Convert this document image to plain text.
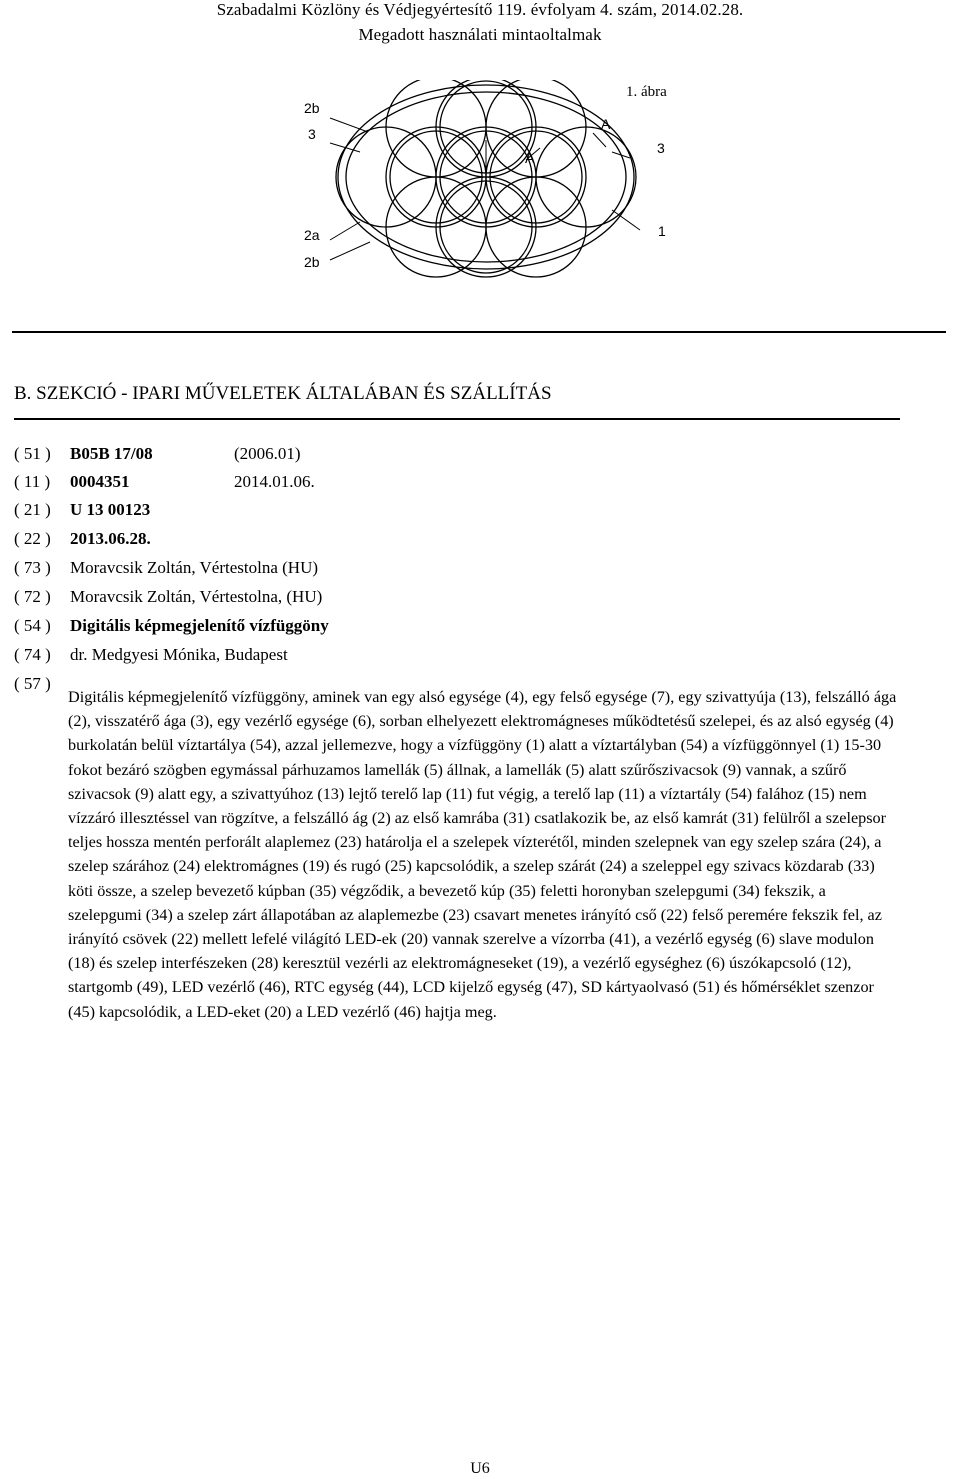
Szabadalmi Közlöny és Védjegyértesítő 119. évfolyam 4. szám, 2014.02.28.
Megadott használati mintaoltalmak
1. ábra
2b
3
A
A
3
2a	1
2b
B. SZEKCIÓ - IPARI MŰVELETEK ÁLTALÁBAN ÉS SZÁLLÍTÁS
( 51 ) B05B 17/08	(2006.01)
( 11 ) 0004351	2014.01.06.
( 21 ) U 13 00123
( 22 ) 2013.06.28.
( 73 ) Moravcsik Zoltán, Vértestolna (HU)
( 72 ) Moravcsik Zoltán, Vértestolna, (HU)
( 54 ) Digitális képmegjelenítő vízfüggöny
( 74 ) dr. Medgyesi Mónika, Budapest
( 57 )
Digitális képmegjelenítő vízfüggöny, aminek van egy alsó egysége (4), egy felső egysége (7), egy szivattyúja (13), felszálló ága (2), visszatérő ága (3), egy vezérlő egysége (6), sorban elhelyezett elektromágneses működtetésű szelepei, és az alsó egység (4) burkolatán belül víztartálya (54), azzal jellemezve, hogy a vízfüggöny (1) alatt a víztartályban (54) a vízfüggönnyel (1) 15-30 fokot bezáró szögben egymással párhuzamos lamellák (5) állnak, a lamellák (5) alatt szűrőszivacsok (9) vannak, a szűrő szivacsok (9) alatt egy, a szivattyúhoz (13) lejtő terelő lap (11) fut végig, a terelő lap (11) a víztartály (54) falához (15) nem vízzáró illesztéssel van rögzítve, a felszálló ág (2) az első kamrába (31) csatlakozik be, az első kamrát (31) felülről a szelepsor teljes hossza mentén perforált alaplemez (23) határolja el a szelepek vízterétől, minden szelepnek van egy szelep szára (24), a szelep szárához (24) elektromágnes (19) és rugó (25) kapcsolódik, a szelep szárát (24) a szeleppel egy szivacs közdarab (33) köti össze, a szelep bevezető kúpban (35) végződik, a bevezető kúp (35) feletti horonyban szelepgumi (34) fekszik, a szelepgumi (34) a szelep zárt állapotában az alaplemezbe (23) csavart menetes irányító cső (22) felső peremére fekszik fel, az irányító csövek (22) mellett lefelé világító LED-ek (20) vannak szerelve a vízorrba (41), a vezérlő egység (6) slave modulon (18) és szelep interfészeken (28) keresztül vezérli az elektromágneseket (19), a vezérlő egységhez (6) úszókapcsoló (12), startgomb (49), LED vezérlő (46), RTC egység (44), LCD kijelző egység (47), SD kártyaolvasó (51) és hőmérséklet szenzor (45) kapcsolódik, a LED-eket (20) a LED vezérlő (46) hajtja meg.
U6
